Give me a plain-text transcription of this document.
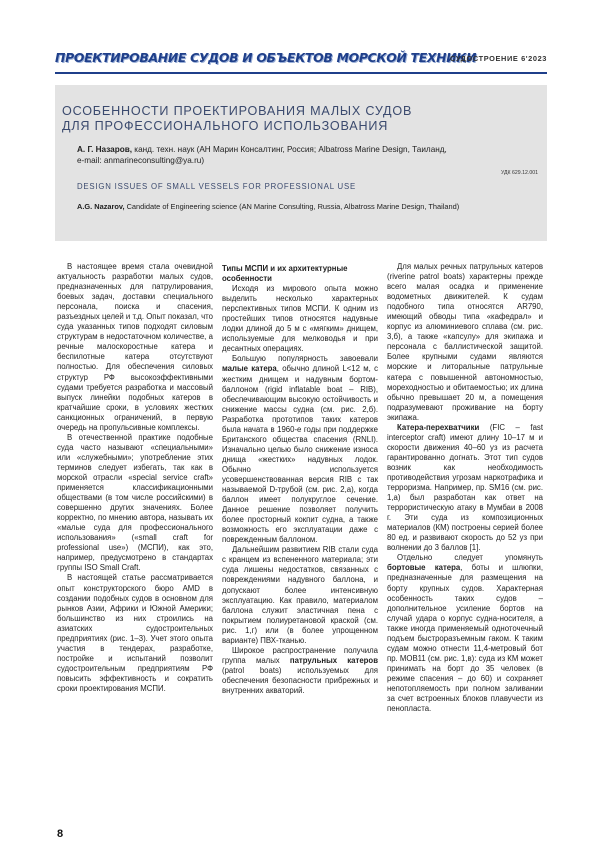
ПРОЕКТИРОВАНИЕ СУДОВ И ОБЪЕКТОВ МОРСКОЙ ТЕХНИКИ
СУДОСТРОЕНИЕ 6'2023
ОСОБЕННОСТИ ПРОЕКТИРОВАНИЯ МАЛЫХ СУДОВ
ДЛЯ ПРОФЕССИОНАЛЬНОГО ИСПОЛЬЗОВАНИЯ
А. Г. Назаров, канд. техн. наук (АН Марин Консалтинг, Россия; Albatross Marine Design, Таиланд,
e-mail: anmarineconsulting@ya.ru)
УДК 629.12.001
DESIGN ISSUES OF SMALL VESSELS FOR PROFESSIONAL USE
A.G. Nazarov, Candidate of Engineering science (AN Marine Consulting, Russia, Albatross Marine Design, Thailand)

В настоящее время стала очевидной актуальность разработки малых судов, предназначенных для патрулирования, боевых задач, доставки специального персонала, поиска и спасения, разъездных целей и т.д. Опыт показал, что суда указанных типов подходят силовым структурам в недостаточном количестве, а речные малоскоростные катера и беспилотные катера отсутствуют полностью. Для обеспечения силовых структур РФ высокоэффективными судами требуется разработка и массовый выпуск линейки подобных катеров в кратчайшие сроки, в условиях жестких санкционных ограничений, в первую очередь на пропульсивные комплексы.

В отечественной практике подобные суда часто называют «специальными» или «служебными»; употребление этих терминов следует избегать, так как в морской отрасли «special service craft» применяется классификационными обществами (в том числе российскими) в совершенно других значениях. Более корректно, по мнению автора, называть их «малые суда для профессионального использования» («small craft for professional use») (МСПИ), как это, например, предусмотрено в стандартах группы ISO Small Craft.

В настоящей статье рассматривается опыт конструкторского бюро AMD в создании подобных судов в основном для рынков Азии, Африки и Южной Америки; большинство из них строились на азиатских судостроительных предприятиях (рис. 1–3). Учет этого опыта участия в тендерах, разработке, постройке и испытаний позволит судостроительным предприятиям РФ повысить эффективность и сократить сроки проектирования МСПИ.

Типы МСПИ и их архитектурные особенности

Исходя из мирового опыта можно выделить несколько характерных перспективных типов МСПИ. К одним из простейших типов относятся надувные лодки длиной до 5 м с «мягким» днищем, используемые для мелководья и при десантных операциях.

Большую популярность завоевали малые катера, обычно длиной L<12 м, с жестким днищем и надувным бортом-баллоном (rigid inflatable boat – RIB), обеспечивающим высокую остойчивость и снижение массы судна (см. рис. 2,б). Разработка прототипов таких катеров была начата в 1960-е годы при поддержке Британского общества спасения (RNLI). Изначально целью было снижение износа днища «жестких» надувных лодок. Обычно используется усовершенствованная версия RIB с так называемой D-трубой (см. рис. 2,а), когда баллон имеет полукруглое сечение. Данное решение позволяет получить более просторный кокпит судна, а также возможность его эксплуатации даже с поврежденным баллоном.

Дальнейшим развитием RIB стали суда с кранцем из вспененного материала; эти суда лишены недостатков, связанных с повреждениями надувного баллона, и допускают более интенсивную эксплуатацию. Как правило, материалом баллона служит эластичная пена с покрытием полиуретановой краской (см. рис. 1,г) или (в более упрощенном варианте) ПВХ-тканью.

Широкое распространение получила группа малых патрульных катеров (patrol boats) используемых для обеспечения безопасности прибрежных и внутренних акваторий.

Для малых речных патрульных катеров (riverine patrol boats) характерны прежде всего малая осадка и применение водометных движителей. К судам подобного типа относятся AR790, имеющий обводы типа «кафедрал» и корпус из алюминиевого сплава (см. рис. 3,б), а также «капсулу» для экипажа и персонала с баллистической защитой. Более крупными судами являются морские и литоральные патрульные катера с повышенной автономностью, мореходностью и обитаемостью; их длина обычно превышает 20 м, а помещения подразумевают проживание на борту экипажа.

Катера-перехватчики (FIC – fast interceptor craft) имеют длину 10–17 м и скорости движения 40–60 уз из расчета гарантированно догнать. Этот тип судов возник как необходимость противодействия угрозам наркотрафика и терроризма. Например, пр. SM16 (см. рис. 1,а) был разработан как ответ на террористическую атаку в Мумбаи в 2008 г. Эти суда из композиционных материалов (КМ) построены серией более 80 ед. и развивают скорость до 52 уз при волнении до 3 баллов [1].

Отдельно следует упомянуть бортовые катера, боты и шлюпки, предназначенные для размещения на борту крупных судов. Характерная особенность таких судов – дополнительное усиление бортов на случай удара о корпус судна-носителя, а также иногда применяемый одноточечный подъем быстроразъемным гаком. К таким судам можно отнести 11,4-метровый бот пр. MOB11 (см. рис. 1,в): суда из КМ может принимать на борт до 35 человек (в режиме спасения – до 60) и сохраняет непотопляемость при полном заливании за счет встроенных блоков плавучести из пенопласта.

8
